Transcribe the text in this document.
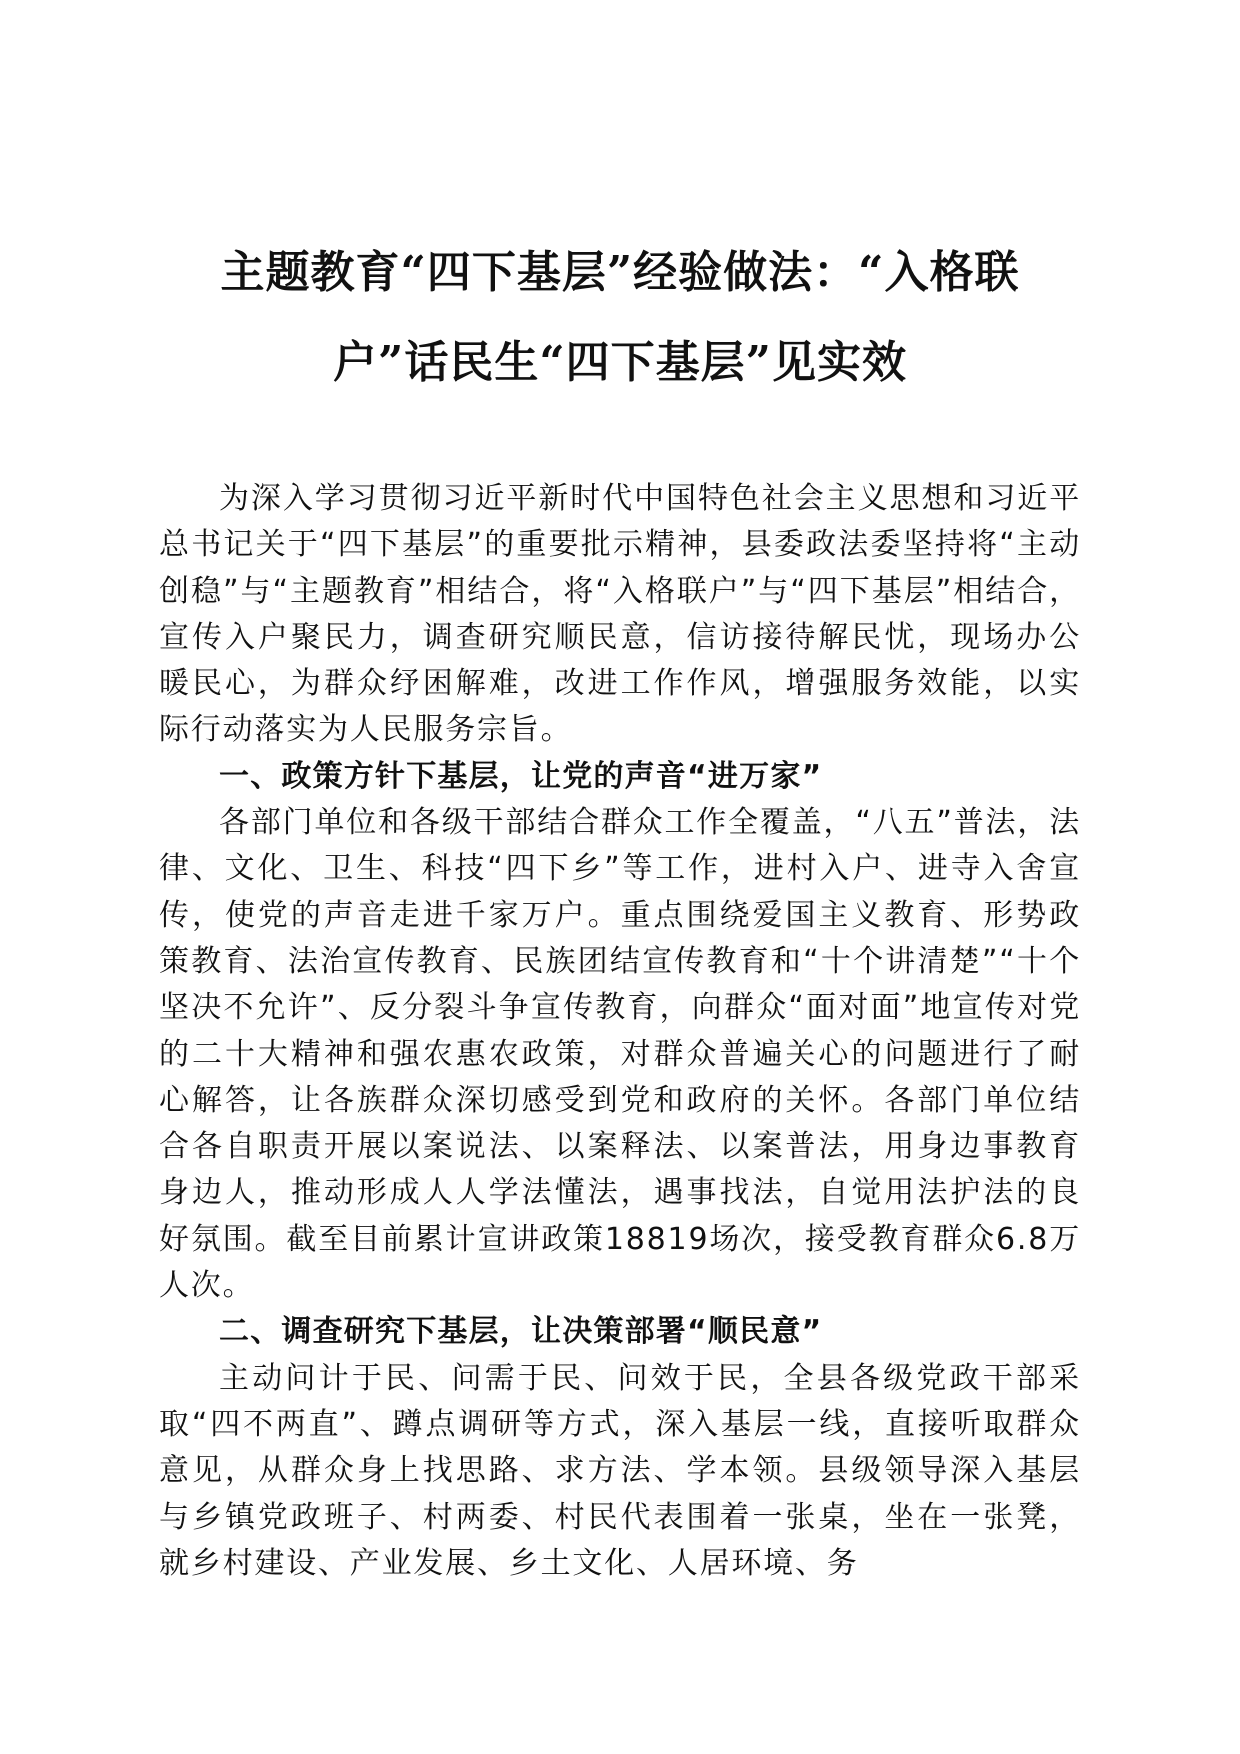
主题教育“四下基层”经验做法：“入格联
户”话民生“四下基层”见实效

为深入学习贯彻习近平新时代中国特色社会主义思想和习近平总书记关于“四下基层”的重要批示精神，县委政法委坚持将“主动创稳”与“主题教育”相结合，将“入格联户”与“四下基层”相结合，宣传入户聚民力，调查研究顺民意，信访接待解民忧，现场办公暖民心，为群众纾困解难，改进工作作风，增强服务效能，以实际行动落实为人民服务宗旨。

一、政策方针下基层，让党的声音“进万家”

各部门单位和各级干部结合群众工作全覆盖，“八五”普法，法律、文化、卫生、科技“四下乡”等工作，进村入户、进寺入舍宣传，使党的声音走进千家万户。重点围绕爱国主义教育、形势政策教育、法治宣传教育、民族团结宣传教育和“十个讲清楚”“十个坚决不允许”、反分裂斗争宣传教育，向群众“面对面”地宣传对党的二十大精神和强农惠农政策，对群众普遍关心的问题进行了耐心解答，让各族群众深切感受到党和政府的关怀。各部门单位结合各自职责开展以案说法、以案释法、以案普法，用身边事教育身边人，推动形成人人学法懂法，遇事找法，自觉用法护法的良好氛围。截至目前累计宣讲政策18819场次，接受教育群众6.8万人次。

二、调查研究下基层，让决策部署“顺民意”

主动问计于民、问需于民、问效于民，全县各级党政干部采取“四不两直”、蹲点调研等方式，深入基层一线，直接听取群众意见，从群众身上找思路、求方法、学本领。县级领导深入基层与乡镇党政班子、村两委、村民代表围着一张桌，坐在一张凳，就乡村建设、产业发展、乡土文化、人居环境、务
